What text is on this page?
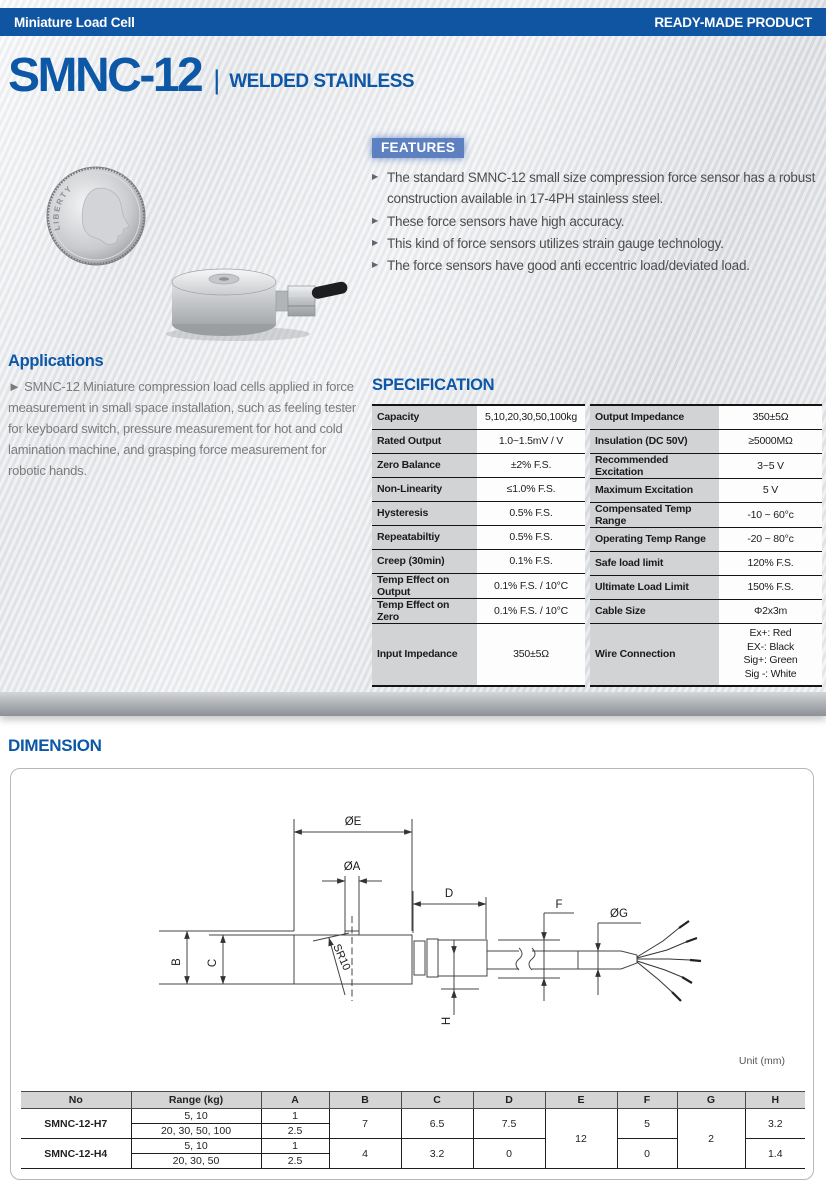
Miniature Load Cell	READY-MADE PRODUCT
SMNC-12 | WELDED STAINLESS
LIBERTY
FEATURES
▶ The standard SMNC-12 small size compression force sensor has a robust construction available in 17-4PH stainless steel.
▶ These force sensors have high accuracy.
▶ This kind of force sensors utilizes strain gauge technology.
▶ The force sensors have good anti eccentric load/deviated load.
Applications

► SMNC-12 Miniature compression load cells applied in force measurement in small space installation, such as feeling tester for keyboard switch, pressure measurement for hot and cold lamination machine, and grasping force measurement for robotic hands.

SPECIFICATION
Capacity	5,10,20,30,50,100kg
Rated Output	1.0~1.5mV / V
Zero Balance	±2% F.S.
Non-Linearity	≤1.0% F.S.
Hysteresis	0.5% F.S.
Repeatabiltiy	0.5% F.S.
Creep (30min)	0.1% F.S.
Temp Effect on Output	0.1% F.S. / 10°C
Temp Effect on Zero	0.1% F.S. / 10°C
Input Impedance	350±5Ω
Output Impedance	350±5Ω
Insulation (DC 50V)	≥5000MΩ
Recommended Excitation	3~5 V
Maximum Excitation	5 V
Compensated Temp Range	-10 ~ 60°c
Operating Temp Range	-20 ~ 80°c
Safe load limit	120% F.S.
Ultimate Load Limit	150% F.S.
Cable Size	Φ2x3m
Wire Connection	Ex+: Red
EX-: Black
Sig+: Green
Sig -: White
DIMENSION
ØE
ØA
D
F
ØG
B C
H
SR10
Unit (mm)
No	Range (kg)	A	B	C	D	E	F	G	H
SMNC-12-H7	5, 10	1	7	6.5	7.5	12	5	2	3.2
	20, 30, 50, 100	2.5							
SMNC-12-H4	5, 10	1	4	3.2	0		0		1.4
	20, 30, 50	2.5							
